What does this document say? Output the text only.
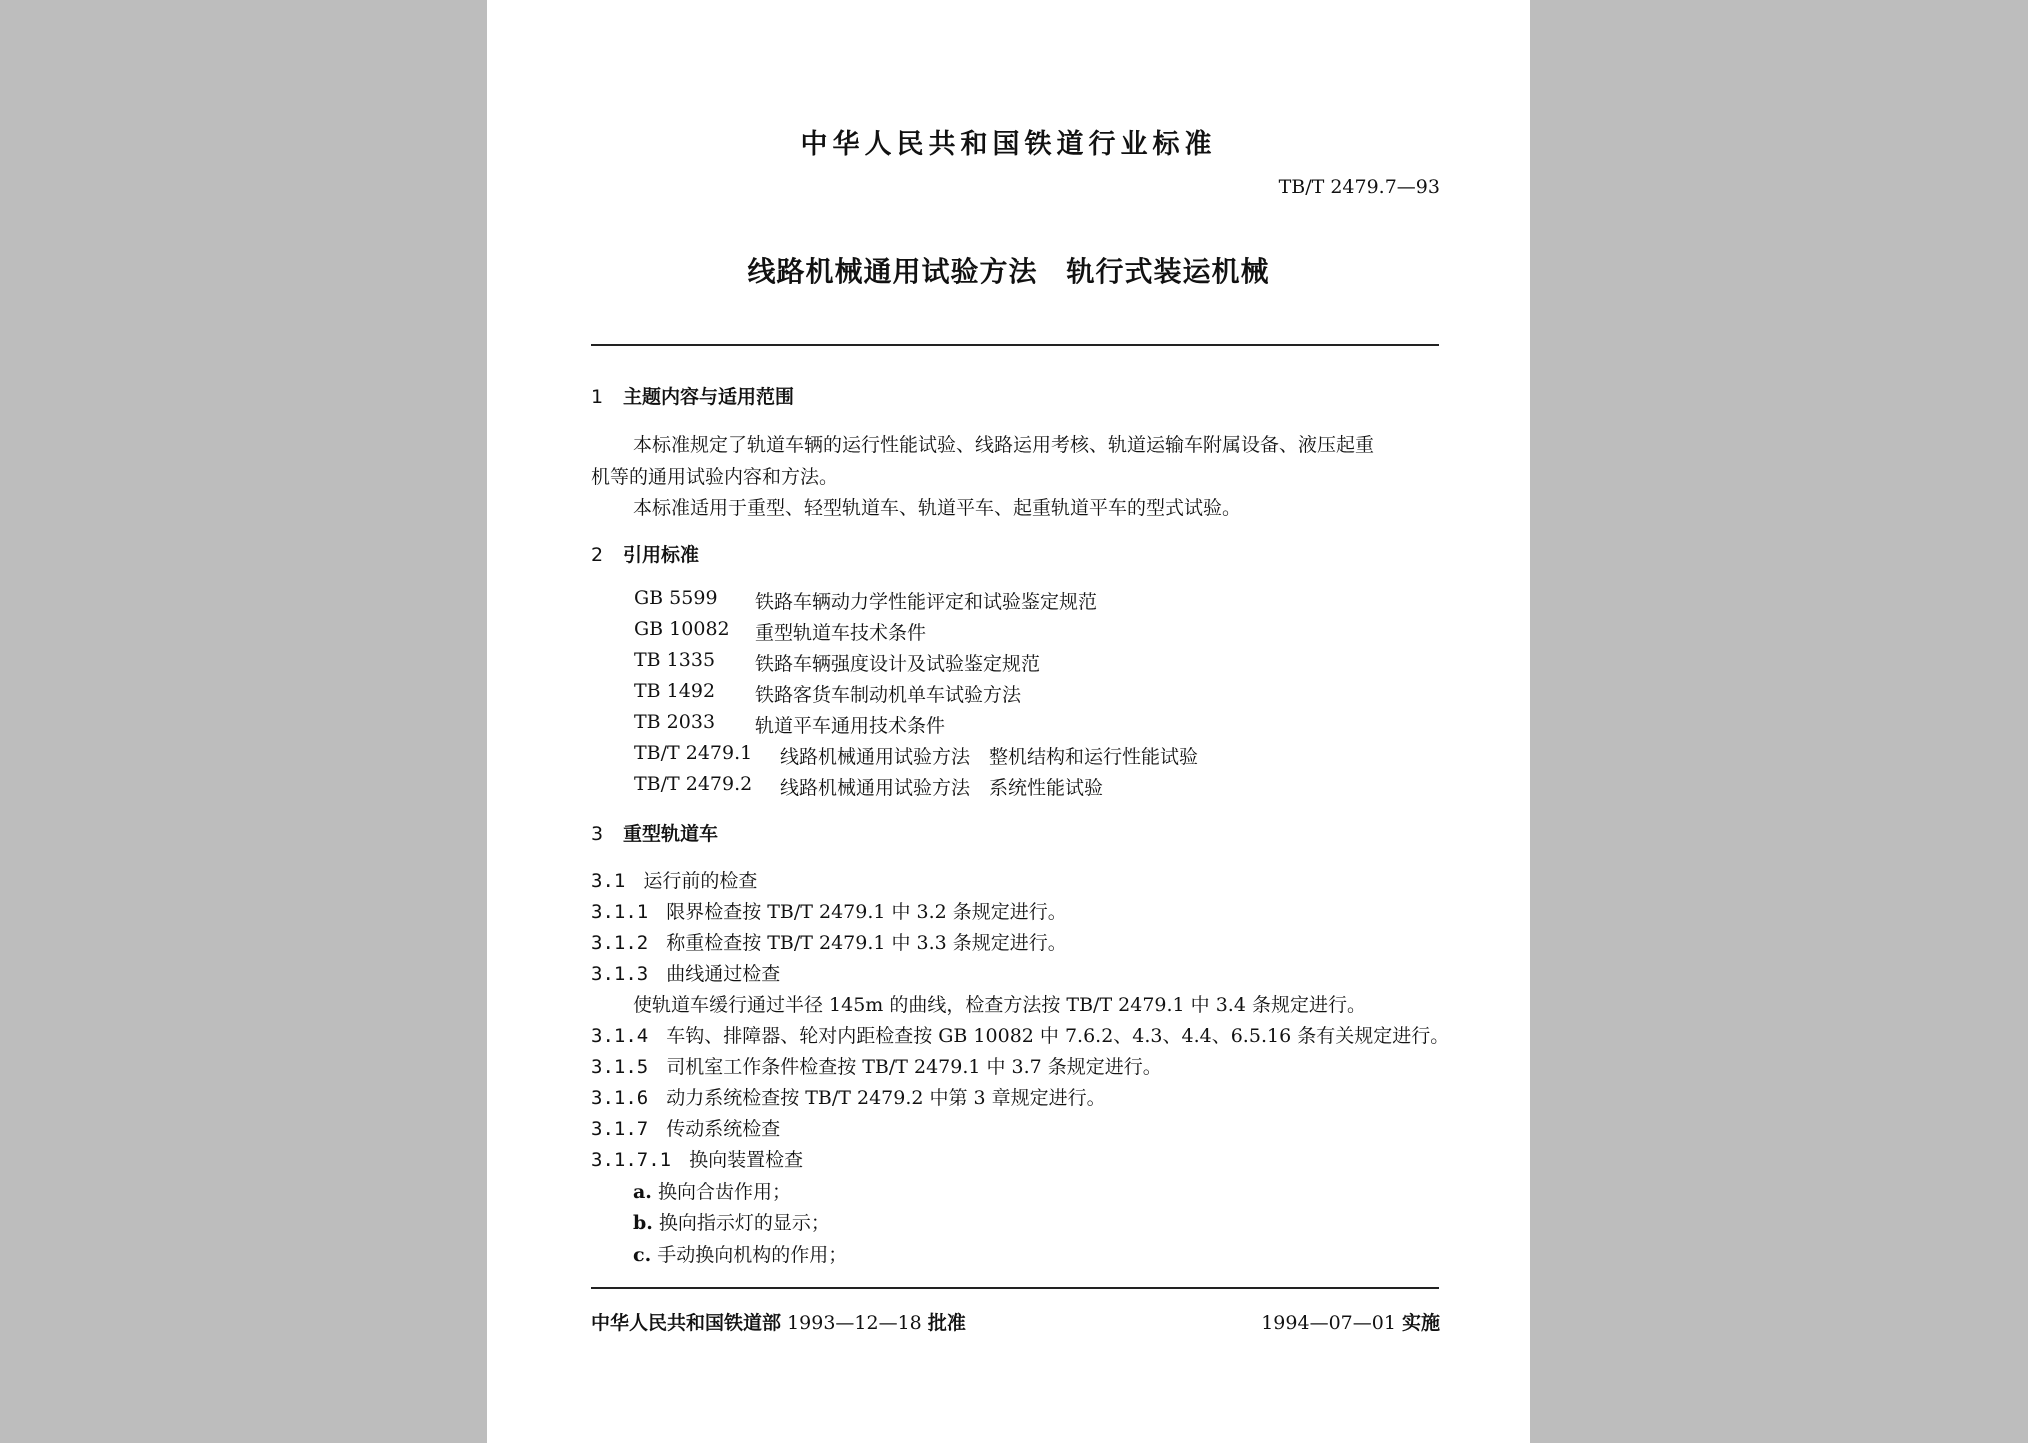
中华人民共和国铁道行业标准
TB/T 2479.7—93
线路机械通用试验方法　轨行式装运机械
1 主题内容与适用范围
本标准规定了轨道车辆的运行性能试验、线路运用考核、轨道运输车附属设备、液压起重
机等的通用试验内容和方法。
本标准适用于重型、轻型轨道车、轨道平车、起重轨道平车的型式试验。
2 引用标准
GB 5599 铁路车辆动力学性能评定和试验鉴定规范
GB 10082 重型轨道车技术条件
TB 1335 铁路车辆强度设计及试验鉴定规范
TB 1492 铁路客货车制动机单车试验方法
TB 2033 轨道平车通用技术条件
TB/T 2479.1 线路机械通用试验方法　整机结构和运行性能试验
TB/T 2479.2 线路机械通用试验方法　系统性能试验
3 重型轨道车
3.1 运行前的检查
3.1.1 限界检查按 TB/T 2479.1 中 3.2 条规定进行。
3.1.2 称重检查按 TB/T 2479.1 中 3.3 条规定进行。
3.1.3 曲线通过检查
使轨道车缓行通过半径 145m 的曲线，检查方法按 TB/T 2479.1 中 3.4 条规定进行。
3.1.4 车钩、排障器、轮对内距检查按 GB 10082 中 7.6.2、4.3、4.4、6.5.16 条有关规定进行。
3.1.5 司机室工作条件检查按 TB/T 2479.1 中 3.7 条规定进行。
3.1.6 动力系统检查按 TB/T 2479.2 中第 3 章规定进行。
3.1.7 传动系统检查
3.1.7.1 换向装置检查
a. 换向合齿作用；
b. 换向指示灯的显示；
c. 手动换向机构的作用；
中华人民共和国铁道部 1993—12—18 批准	1994—07—01 实施
